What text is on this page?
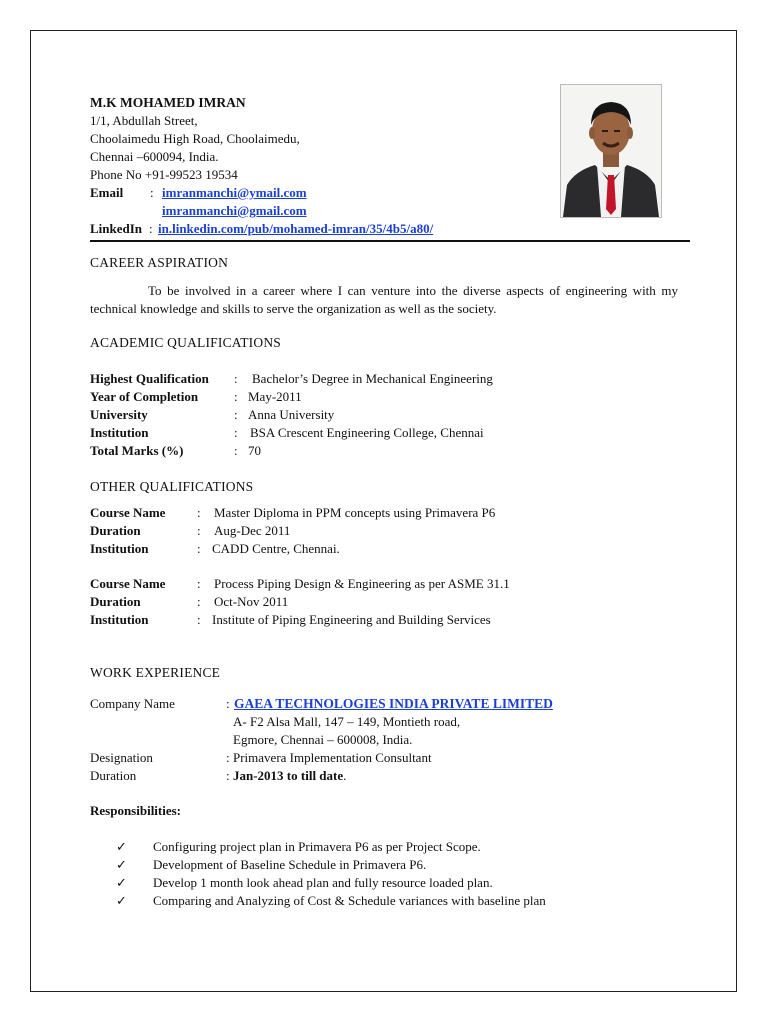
M.K MOHAMED IMRAN
1/1, Abdullah Street,
Choolaimedu High Road, Choolaimedu,
Chennai –600094, India.
Phone No +91-99523 19534
Email : imranmanchi@ymail.com
imranmanchi@gmail.com
LinkedIn : in.linkedin.com/pub/mohamed-imran/35/4b5/a80/
CAREER ASPIRATION
To be involved in a career where I can venture into the diverse aspects of engineering with my technical knowledge and skills to serve the organization as well as the society.
ACADEMIC QUALIFICATIONS
Highest Qualification : Bachelor’s Degree in Mechanical Engineering
Year of Completion	: May-2011
University	: Anna University
Institution	: BSA Crescent Engineering College, Chennai
Total Marks (%)	: 70
OTHER QUALIFICATIONS
Course Name : Master Diploma in PPM concepts using Primavera P6
Duration	: Aug-Dec 2011
Institution	: CADD Centre, Chennai.
Course Name : Process Piping Design & Engineering as per ASME 31.1
Duration	: Oct-Nov 2011
Institution	: Institute of Piping Engineering and Building Services
WORK EXPERIENCE
Company Name	: GAEA TECHNOLOGIES INDIA PRIVATE LIMITED
A- F2 Alsa Mall, 147 – 149, Montieth road,
Egmore, Chennai – 600008, India.
Designation	: Primavera Implementation Consultant
Duration	: Jan-2013 to till date.
Responsibilities:
✓ Configuring project plan in Primavera P6 as per Project Scope.
✓ Development of Baseline Schedule in Primavera P6.
✓ Develop 1 month look ahead plan and fully resource loaded plan.
✓ Comparing and Analyzing of Cost & Schedule variances with baseline plan
